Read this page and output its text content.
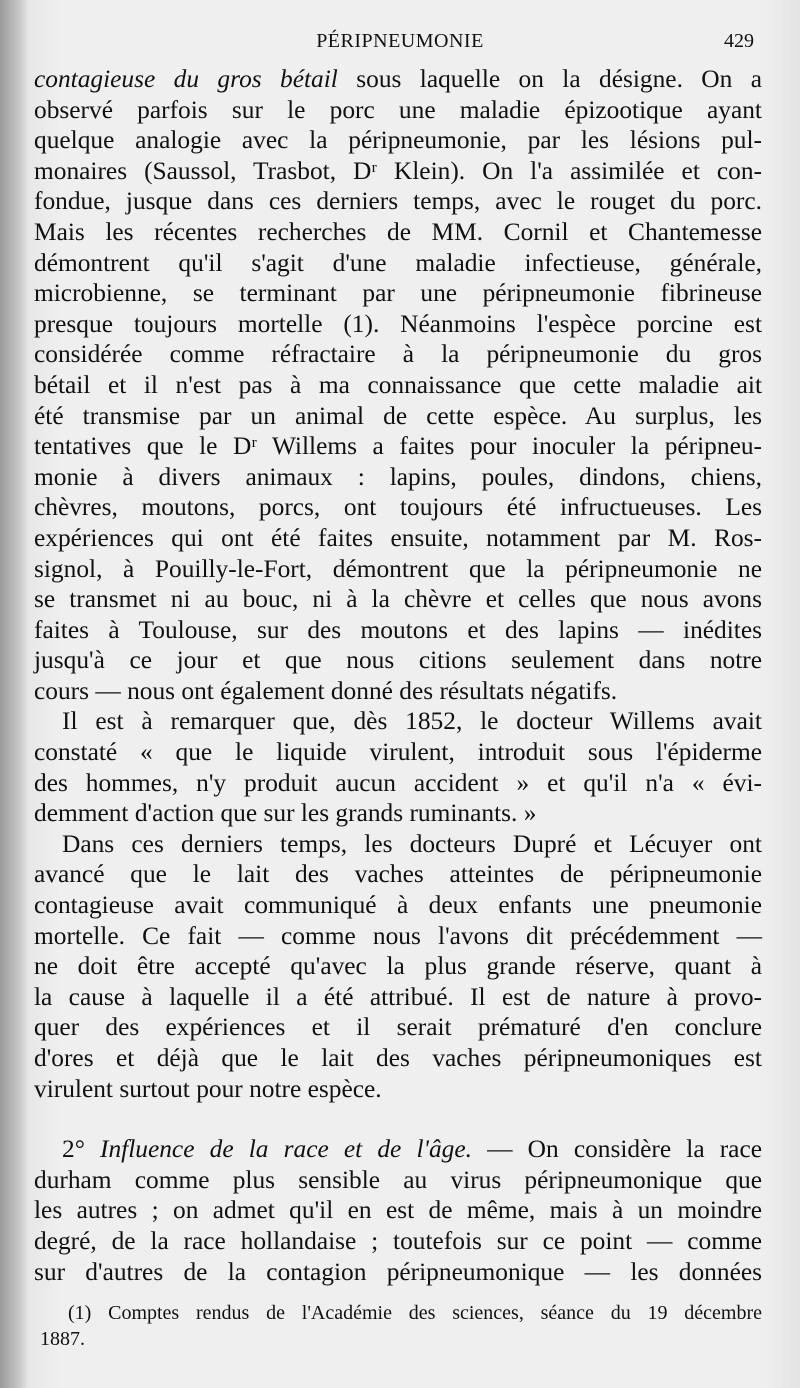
PÉRIPNEUMONIE	429
contagieuse du gros bétail sous laquelle on la désigne. On a
observé parfois sur le porc une maladie épizootique ayant
quelque analogie avec la péripneumonie, par les lésions pul-
monaires (Saussol, Trasbot, Dʳ Klein). On l'a assimilée et con-
fondue, jusque dans ces derniers temps, avec le rouget du porc.
Mais les récentes recherches de MM. Cornil et Chantemesse
démontrent qu'il s'agit d'une maladie infectieuse, générale,
microbienne, se terminant par une péripneumonie fibrineuse
presque toujours mortelle (1). Néanmoins l'espèce porcine est
considérée comme réfractaire à la péripneumonie du gros
bétail et il n'est pas à ma connaissance que cette maladie ait
été transmise par un animal de cette espèce. Au surplus, les
tentatives que le Dʳ Willems a faites pour inoculer la péripneu-
monie à divers animaux : lapins, poules, dindons, chiens,
chèvres, moutons, porcs, ont toujours été infructueuses. Les
expériences qui ont été faites ensuite, notamment par M. Ros-
signol, à Pouilly-le-Fort, démontrent que la péripneumonie ne
se transmet ni au bouc, ni à la chèvre et celles que nous avons
faites à Toulouse, sur des moutons et des lapins — inédites
jusqu'à ce jour et que nous citions seulement dans notre
cours — nous ont également donné des résultats négatifs.
Il est à remarquer que, dès 1852, le docteur Willems avait
constaté « que le liquide virulent, introduit sous l'épiderme
des hommes, n'y produit aucun accident » et qu'il n'a « évi-
demment d'action que sur les grands ruminants. »
Dans ces derniers temps, les docteurs Dupré et Lécuyer ont
avancé que le lait des vaches atteintes de péripneumonie
contagieuse avait communiqué à deux enfants une pneumonie
mortelle. Ce fait — comme nous l'avons dit précédemment —
ne doit être accepté qu'avec la plus grande réserve, quant à
la cause à laquelle il a été attribué. Il est de nature à provo-
quer des expériences et il serait prématuré d'en conclure
d'ores et déjà que le lait des vaches péripneumoniques est
virulent surtout pour notre espèce.
2° Influence de la race et de l'âge. — On considère la race
durham comme plus sensible au virus péripneumonique que
les autres ; on admet qu'il en est de même, mais à un moindre
degré, de la race hollandaise ; toutefois sur ce point — comme
sur d'autres de la contagion péripneumonique — les données
(1) Comptes rendus de l'Académie des sciences, séance du 19 décembre
1887.
